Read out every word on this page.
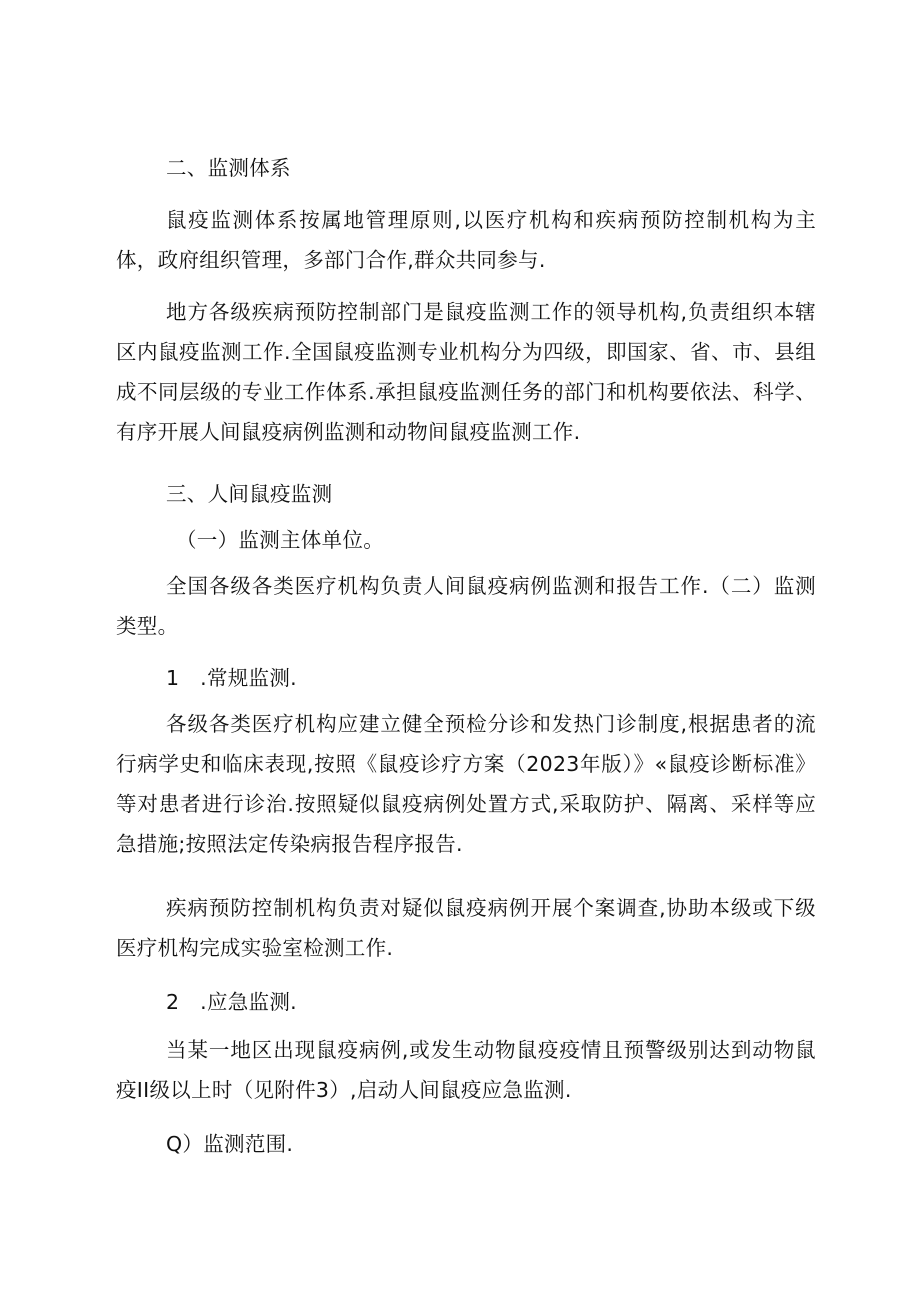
二、监测体系
鼠疫监测体系按属地管理原则,以医疗机构和疾病预防控制机构为主体，政府组织管理，多部门合作,群众共同参与.
地方各级疾病预防控制部门是鼠疫监测工作的领导机构,负责组织本辖区内鼠疫监测工作.全国鼠疫监测专业机构分为四级，即国家、省、市、县组成不同层级的专业工作体系.承担鼠疫监测任务的部门和机构要依法、科学、有序开展人间鼠疫病例监测和动物间鼠疫监测工作.
三、人间鼠疫监测
（一）监测主体单位。
全国各级各类医疗机构负责人间鼠疫病例监测和报告工作.（二）监测类型。
1　.常规监测.
各级各类医疗机构应建立健全预检分诊和发热门诊制度,根据患者的流行病学史和临床表现,按照《鼠疫诊疗方案（2023年版）》«鼠疫诊断标准》等对患者进行诊治.按照疑似鼠疫病例处置方式,采取防护、隔离、采样等应急措施;按照法定传染病报告程序报告.
疾病预防控制机构负责对疑似鼠疫病例开展个案调查,协助本级或下级医疗机构完成实验室检测工作.
2　.应急监测.
当某一地区出现鼠疫病例,或发生动物鼠疫疫情且预警级别达到动物鼠疫II级以上时（见附件3）,启动人间鼠疫应急监测.
Q）监测范围.
